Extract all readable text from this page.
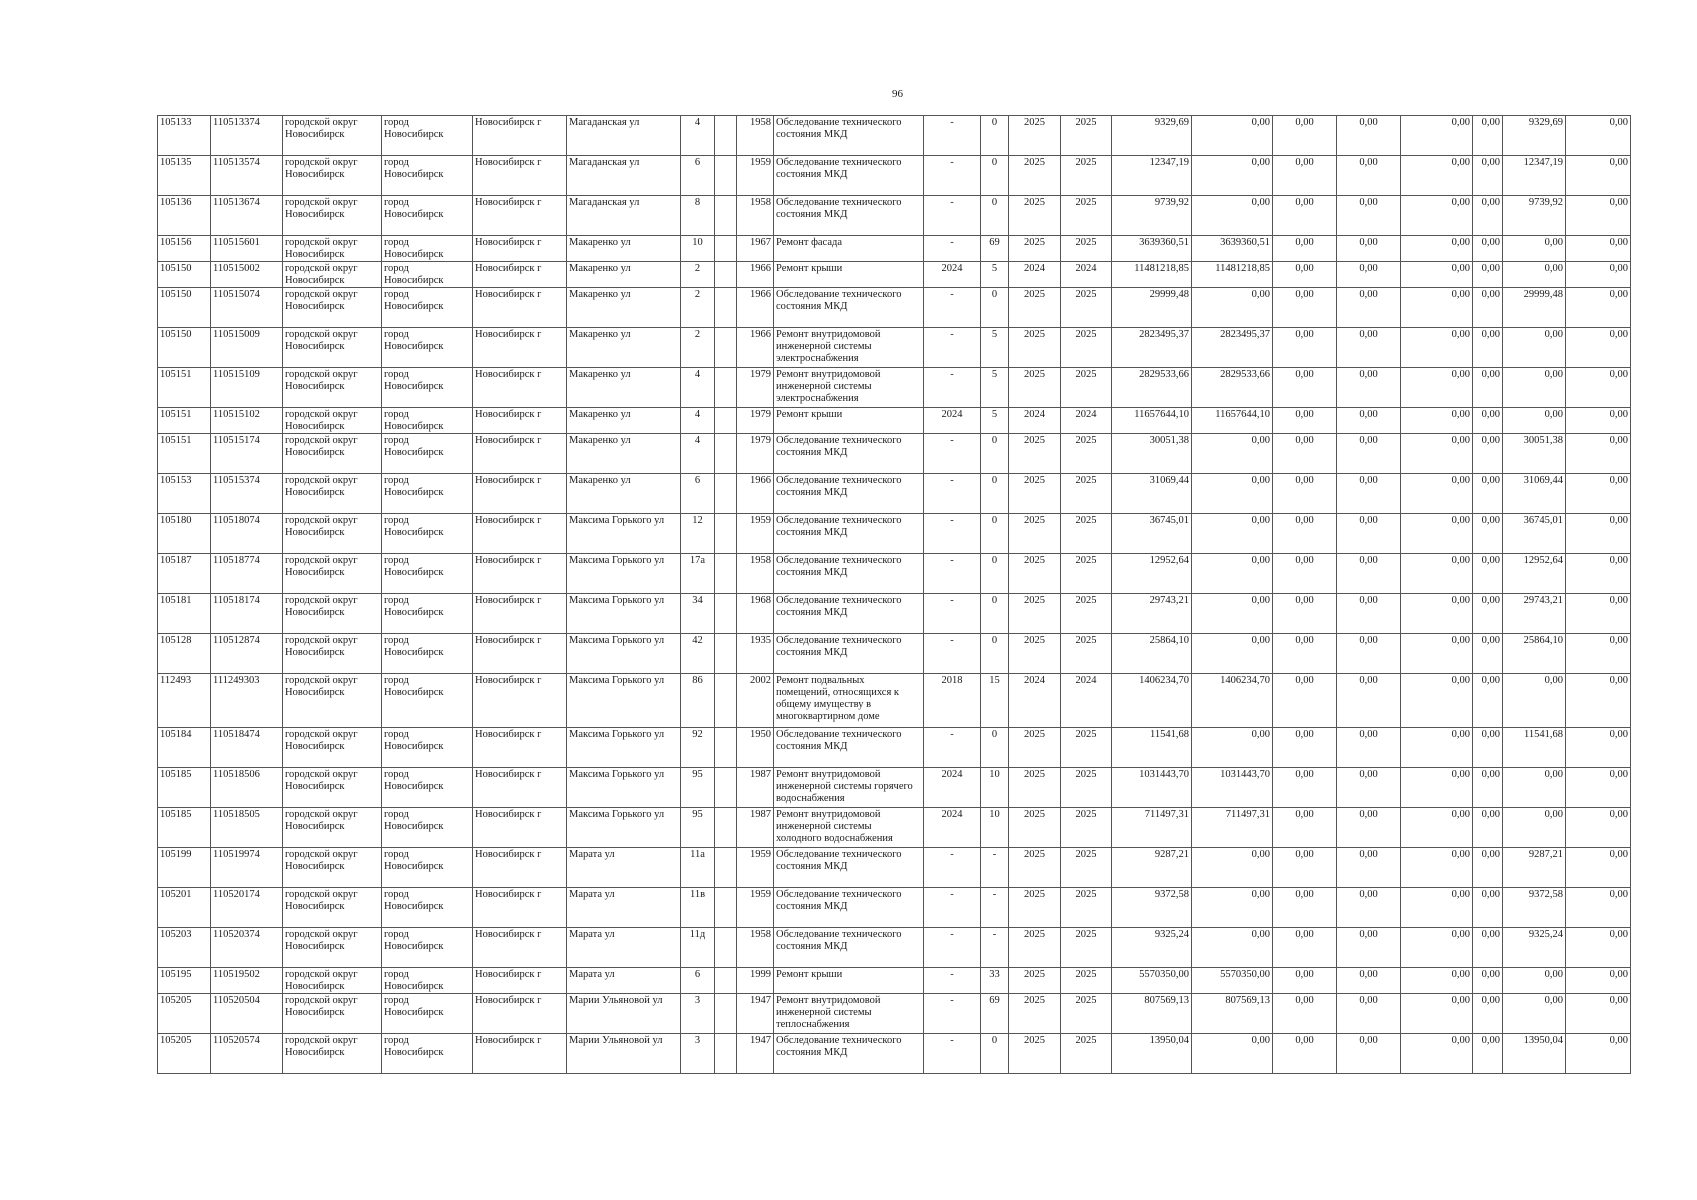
96
105133	110513374	городской округ
Новосибирск	город
Новосибирск	Новосибирск г	Магаданская ул	4		1958	Обследование технического
состояния МКД	-	0	2025	2025	9329,69	0,00	0,00	0,00	0,00	0,00	9329,69	0,00
105135	110513574	городской округ
Новосибирск	город
Новосибирск	Новосибирск г	Магаданская ул	6		1959	Обследование технического
состояния МКД	-	0	2025	2025	12347,19	0,00	0,00	0,00	0,00	0,00	12347,19	0,00
105136	110513674	городской округ
Новосибирск	город
Новосибирск	Новосибирск г	Магаданская ул	8		1958	Обследование технического
состояния МКД	-	0	2025	2025	9739,92	0,00	0,00	0,00	0,00	0,00	9739,92	0,00
105156	110515601	городской округ
Новосибирск	город
Новосибирск	Новосибирск г	Макаренко ул	10		1967	Ремонт фасада	-	69	2025	2025	3639360,51	3639360,51	0,00	0,00	0,00	0,00	0,00	0,00
105150	110515002	городской округ
Новосибирск	город
Новосибирск	Новосибирск г	Макаренко ул	2		1966	Ремонт крыши	2024	5	2024	2024	11481218,85	11481218,85	0,00	0,00	0,00	0,00	0,00	0,00
105150	110515074	городской округ
Новосибирск	город
Новосибирск	Новосибирск г	Макаренко ул	2		1966	Обследование технического
состояния МКД	-	0	2025	2025	29999,48	0,00	0,00	0,00	0,00	0,00	29999,48	0,00
105150	110515009	городской округ
Новосибирск	город
Новосибирск	Новосибирск г	Макаренко ул	2		1966	Ремонт внутридомовой
инженерной системы
электроснабжения	-	5	2025	2025	2823495,37	2823495,37	0,00	0,00	0,00	0,00	0,00	0,00
105151	110515109	городской округ
Новосибирск	город
Новосибирск	Новосибирск г	Макаренко ул	4		1979	Ремонт внутридомовой
инженерной системы
электроснабжения	-	5	2025	2025	2829533,66	2829533,66	0,00	0,00	0,00	0,00	0,00	0,00
105151	110515102	городской округ
Новосибирск	город
Новосибирск	Новосибирск г	Макаренко ул	4		1979	Ремонт крыши	2024	5	2024	2024	11657644,10	11657644,10	0,00	0,00	0,00	0,00	0,00	0,00
105151	110515174	городской округ
Новосибирск	город
Новосибирск	Новосибирск г	Макаренко ул	4		1979	Обследование технического
состояния МКД	-	0	2025	2025	30051,38	0,00	0,00	0,00	0,00	0,00	30051,38	0,00
105153	110515374	городской округ
Новосибирск	город
Новосибирск	Новосибирск г	Макаренко ул	6		1966	Обследование технического
состояния МКД	-	0	2025	2025	31069,44	0,00	0,00	0,00	0,00	0,00	31069,44	0,00
105180	110518074	городской округ
Новосибирск	город
Новосибирск	Новосибирск г	Максима Горького ул	12		1959	Обследование технического
состояния МКД	-	0	2025	2025	36745,01	0,00	0,00	0,00	0,00	0,00	36745,01	0,00
105187	110518774	городской округ
Новосибирск	город
Новосибирск	Новосибирск г	Максима Горького ул	17а		1958	Обследование технического
состояния МКД	-	0	2025	2025	12952,64	0,00	0,00	0,00	0,00	0,00	12952,64	0,00
105181	110518174	городской округ
Новосибирск	город
Новосибирск	Новосибирск г	Максима Горького ул	34		1968	Обследование технического
состояния МКД	-	0	2025	2025	29743,21	0,00	0,00	0,00	0,00	0,00	29743,21	0,00
105128	110512874	городской округ
Новосибирск	город
Новосибирск	Новосибирск г	Максима Горького ул	42		1935	Обследование технического
состояния МКД	-	0	2025	2025	25864,10	0,00	0,00	0,00	0,00	0,00	25864,10	0,00
112493	111249303	городской округ
Новосибирск	город
Новосибирск	Новосибирск г	Максима Горького ул	86		2002	Ремонт подвальных
помещений, относящихся к
общему имуществу в
многоквартирном доме	2018	15	2024	2024	1406234,70	1406234,70	0,00	0,00	0,00	0,00	0,00	0,00
105184	110518474	городской округ
Новосибирск	город
Новосибирск	Новосибирск г	Максима Горького ул	92		1950	Обследование технического
состояния МКД	-	0	2025	2025	11541,68	0,00	0,00	0,00	0,00	0,00	11541,68	0,00
105185	110518506	городской округ
Новосибирск	город
Новосибирск	Новосибирск г	Максима Горького ул	95		1987	Ремонт внутридомовой
инженерной системы горячего
водоснабжения	2024	10	2025	2025	1031443,70	1031443,70	0,00	0,00	0,00	0,00	0,00	0,00
105185	110518505	городской округ
Новосибирск	город
Новосибирск	Новосибирск г	Максима Горького ул	95		1987	Ремонт внутридомовой
инженерной системы
холодного водоснабжения	2024	10	2025	2025	711497,31	711497,31	0,00	0,00	0,00	0,00	0,00	0,00
105199	110519974	городской округ
Новосибирск	город
Новосибирск	Новосибирск г	Марата ул	11а		1959	Обследование технического
состояния МКД	-	-	2025	2025	9287,21	0,00	0,00	0,00	0,00	0,00	9287,21	0,00
105201	110520174	городской округ
Новосибирск	город
Новосибирск	Новосибирск г	Марата ул	11в		1959	Обследование технического
состояния МКД	-	-	2025	2025	9372,58	0,00	0,00	0,00	0,00	0,00	9372,58	0,00
105203	110520374	городской округ
Новосибирск	город
Новосибирск	Новосибирск г	Марата ул	11д		1958	Обследование технического
состояния МКД	-	-	2025	2025	9325,24	0,00	0,00	0,00	0,00	0,00	9325,24	0,00
105195	110519502	городской округ
Новосибирск	город
Новосибирск	Новосибирск г	Марата ул	6		1999	Ремонт крыши	-	33	2025	2025	5570350,00	5570350,00	0,00	0,00	0,00	0,00	0,00	0,00
105205	110520504	городской округ
Новосибирск	город
Новосибирск	Новосибирск г	Марии Ульяновой ул	3		1947	Ремонт внутридомовой
инженерной системы
теплоснабжения	-	69	2025	2025	807569,13	807569,13	0,00	0,00	0,00	0,00	0,00	0,00
105205	110520574	городской округ
Новосибирск	город
Новосибирск	Новосибирск г	Марии Ульяновой ул	3		1947	Обследование технического
состояния МКД	-	0	2025	2025	13950,04	0,00	0,00	0,00	0,00	0,00	13950,04	0,00
